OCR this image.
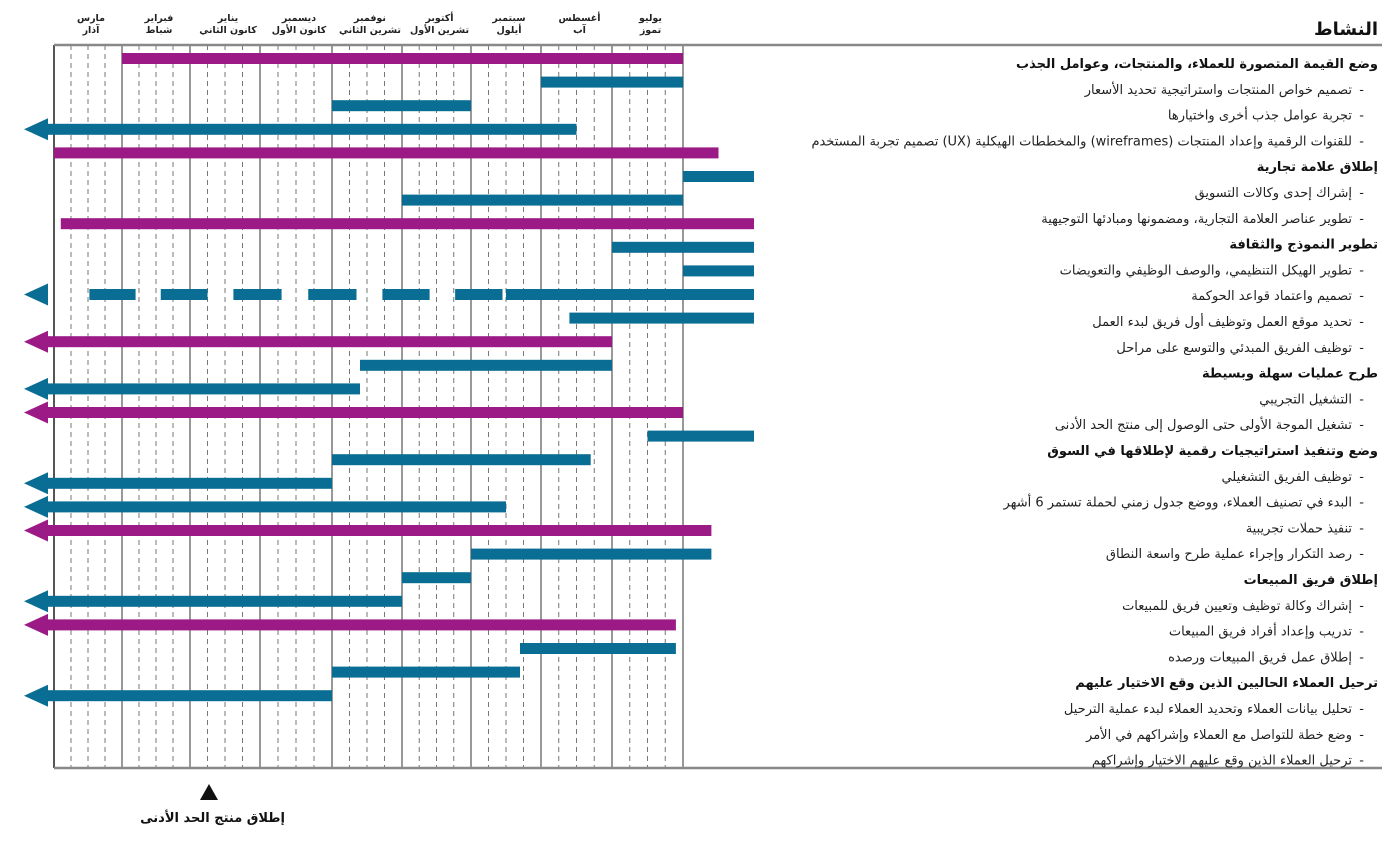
يوليو
تموز
أغسطس
آب
سبتمبر
أيلول
أكتوبر
تشرين الأول
نوفمبر
تشرين الثاني
ديسمبر
كانون الأول
يناير
كانون الثاني
فبراير
شباط
مارس
آذار	النشاط
وضع القيمة المتصورة للعملاء، والمنتجات، وعوامل الجذب
تصميم خواص المنتجات واستراتيجية تحديد الأسعار -
تجربة عوامل جذب أخرى واختيارها -
تصميم تجربة المستخدم (UX) والمخططات الهيكلية (wireframes) للقنوات الرقمية وإعداد المنتجات -
إطلاق علامة تجارية
إشراك إحدى وكالات التسويق -
تطوير عناصر العلامة التجارية، ومضمونها ومبادئها التوجيهية -
تطوير النموذج والثقافة
تطوير الهيكل التنظيمي، والوصف الوظيفي والتعويضات -
تصميم واعتماد قواعد الحوكمة -
تحديد موقع العمل وتوظيف أول فريق لبدء العمل -
توظيف الفريق المبدئي والتوسع على مراحل -
طرح عمليات سهلة وبسيطة
التشغيل التجريبي -
تشغيل الموجة الأولى حتى الوصول إلى منتج الحد الأدنى -
وضع وتنفيذ استراتيجيات رقمية لإطلاقها في السوق
توظيف الفريق التشغيلي -
البدء في تصنيف العملاء، ووضع جدول زمني لحملة تستمر 6 أشهر -
تنفيذ حملات تجريبية -
رصد التكرار وإجراء عملية طرح واسعة النطاق -
إطلاق فريق المبيعات
إشراك وكالة توظيف وتعيين فريق للمبيعات -
تدريب وإعداد أفراد فريق المبيعات -
إطلاق عمل فريق المبيعات ورصده -
ترحيل العملاء الحاليين الذين وقع الاختيار عليهم
تحليل بيانات العملاء وتحديد العملاء لبدء عملية الترحيل -
وضع خطة للتواصل مع العملاء وإشراكهم في الأمر -
ترحيل العملاء الذين وقع عليهم الاختيار وإشراكهم -
إطلاق منتج الحد الأدنى
